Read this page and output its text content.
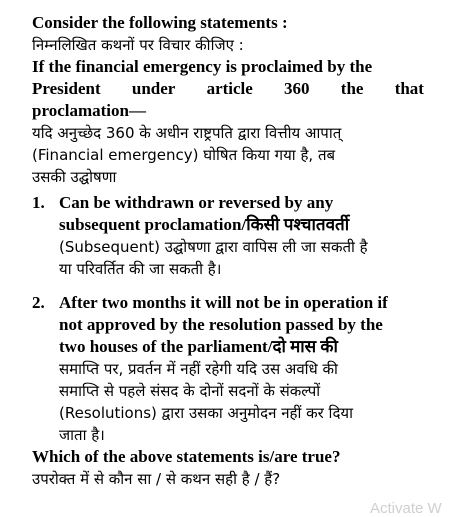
Consider the following statements :
निम्नलिखित कथनों पर विचार कीजिए :
If the financial emergency is proclaimed by the
President under article 360 the that
proclamation—
यदि अनुच्छेद 360 के अधीन राष्ट्रपति द्वारा वित्तीय आपात्
(Financial emergency) घोषित किया गया है, तब
उसकी उद्घोषणा
1. Can be withdrawn or reversed by any
subsequent proclamation/किसी पश्चातवर्ती
(Subsequent) उद्घोषणा द्वारा वापिस ली जा सकती है
या परिवर्तित की जा सकती है।
2. After two months it will not be in operation if
not approved by the resolution passed by the
two houses of the parliament/दो मास की
समाप्ति पर, प्रवर्तन में नहीं रहेगी यदि उस अवधि की
समाप्ति से पहले संसद के दोनों सदनों के संकल्पों
(Resolutions) द्वारा उसका अनुमोदन नहीं कर दिया
जाता है।
Which of the above statements is/are true?
उपरोक्त में से कौन सा / से कथन सही है / हैं?
Activate W
